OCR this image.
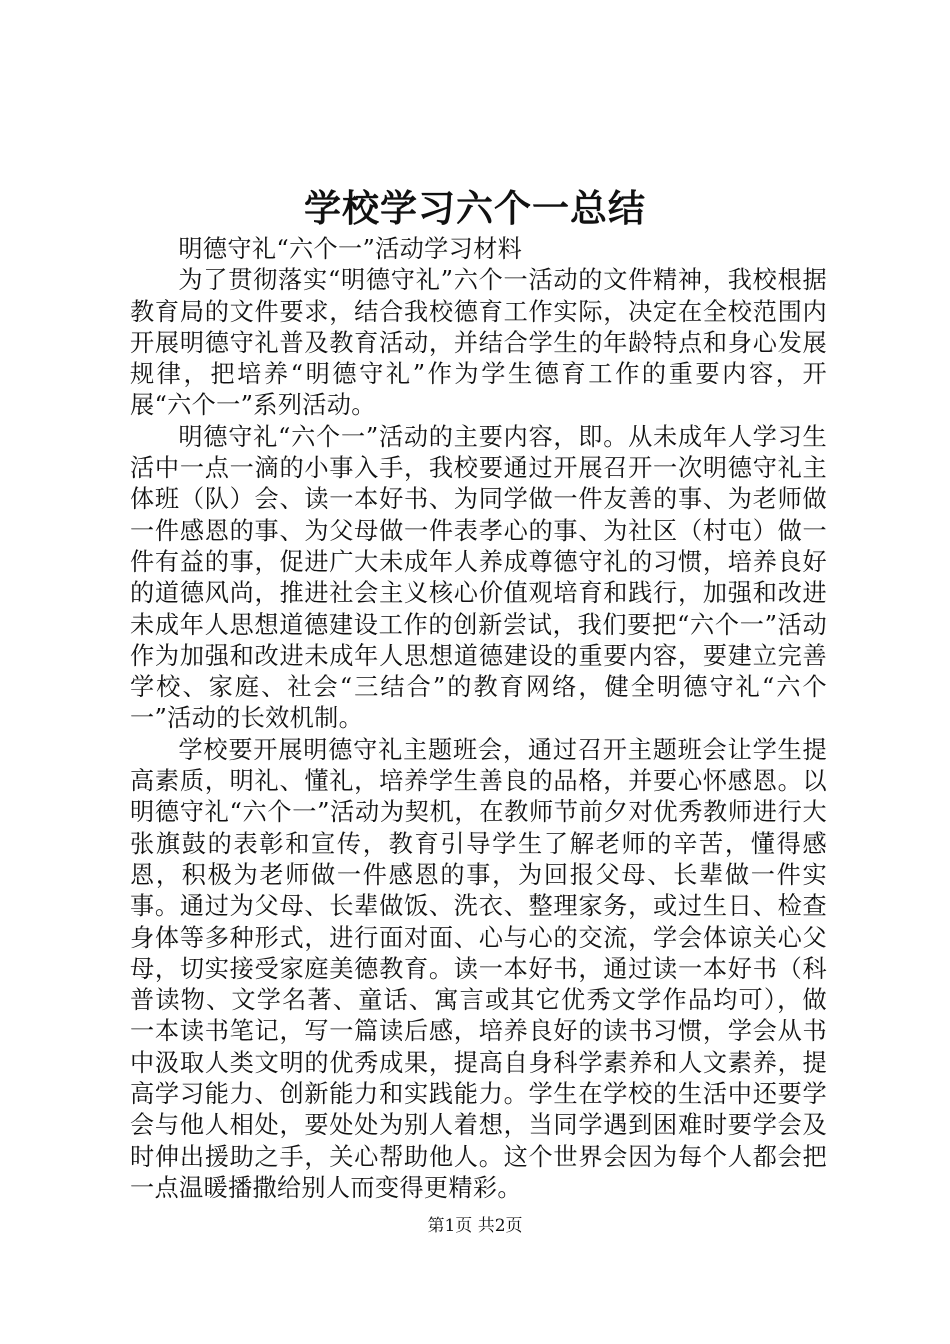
学校学习六个一总结

明德守礼“六个一”活动学习材料

为了贯彻落实“明德守礼”六个一活动的文件精神，我校根据教育局的文件要求，结合我校德育工作实际，决定在全校范围内开展明德守礼普及教育活动，并结合学生的年龄特点和身心发展规律，把培养“明德守礼”作为学生德育工作的重要内容，开展“六个一”系列活动。

明德守礼“六个一”活动的主要内容，即。从未成年人学习生活中一点一滴的小事入手，我校要通过开展召开一次明德守礼主体班（队）会、读一本好书、为同学做一件友善的事、为老师做一件感恩的事、为父母做一件表孝心的事、为社区（村屯）做一件有益的事，促进广大未成年人养成尊德守礼的习惯，培养良好的道德风尚，推进社会主义核心价值观培育和践行，加强和改进未成年人思想道德建设工作的创新尝试，我们要把“六个一”活动作为加强和改进未成年人思想道德建设的重要内容，要建立完善学校、家庭、社会“三结合”的教育网络，健全明德守礼“六个一”活动的长效机制。

学校要开展明德守礼主题班会，通过召开主题班会让学生提高素质，明礼、懂礼，培养学生善良的品格，并要心怀感恩。以明德守礼“六个一”活动为契机，在教师节前夕对优秀教师进行大张旗鼓的表彰和宣传，教育引导学生了解老师的辛苦，懂得感恩，积极为老师做一件感恩的事，为回报父母、长辈做一件实事。通过为父母、长辈做饭、洗衣、整理家务，或过生日、检查身体等多种形式，进行面对面、心与心的交流，学会体谅关心父母，切实接受家庭美德教育。读一本好书，通过读一本好书（科普读物、文学名著、童话、寓言或其它优秀文学作品均可），做一本读书笔记，写一篇读后感，培养良好的读书习惯，学会从书中汲取人类文明的优秀成果，提高自身科学素养和人文素养，提高学习能力、创新能力和实践能力。学生在学校的生活中还要学会与他人相处，要处处为别人着想，当同学遇到困难时要学会及时伸出援助之手，关心帮助他人。这个世界会因为每个人都会把一点温暖播撒给别人而变得更精彩。

第1页 共2页
